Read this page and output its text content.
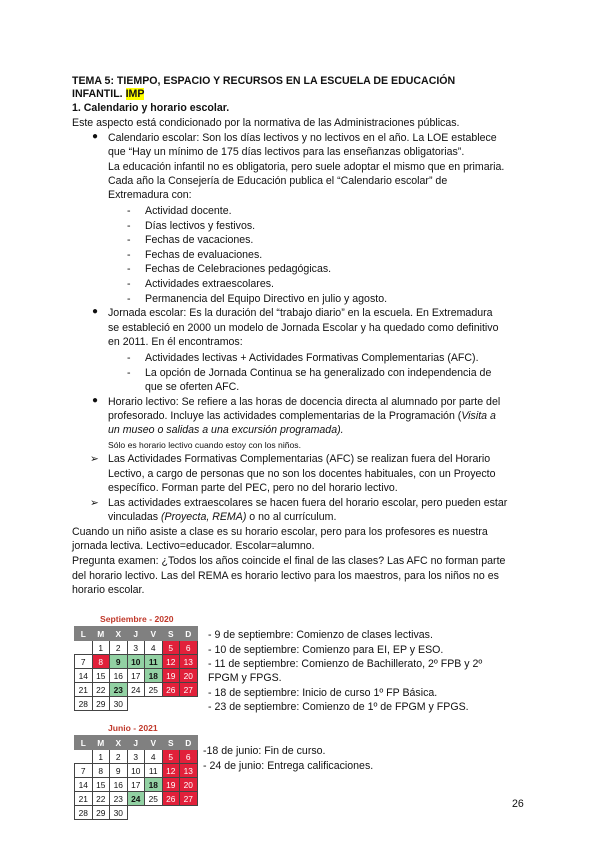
TEMA 5: TIEMPO, ESPACIO Y RECURSOS EN LA ESCUELA DE EDUCACIÓN
INFANTIL. IMP
1. Calendario y horario escolar.
Este aspecto está condicionado por la normativa de las Administraciones públicas.
● Calendario escolar: Son los días lectivos y no lectivos en el año. La LOE establece
que “Hay un mínimo de 175 días lectivos para las enseñanzas obligatorias”.
La educación infantil no es obligatoria, pero suele adoptar el mismo que en primaria.
Cada año la Consejería de Educación publica el “Calendario escolar” de
Extremadura con:
- Actividad docente.
- Días lectivos y festivos.
- Fechas de vacaciones.
- Fechas de evaluaciones.
- Fechas de Celebraciones pedagógicas.
- Actividades extraescolares.
- Permanencia del Equipo Directivo en julio y agosto.
● Jornada escolar: Es la duración del “trabajo diario” en la escuela. En Extremadura
se estableció en 2000 un modelo de Jornada Escolar y ha quedado como definitivo
en 2011. En él encontramos:
- Actividades lectivas + Actividades Formativas Complementarias (AFC).
- La opción de Jornada Continua se ha generalizado con independencia de
que se oferten AFC.
● Horario lectivo: Se refiere a las horas de docencia directa al alumnado por parte del
profesorado. Incluye las actividades complementarias de la Programación (Visita a
un museo o salidas a una excursión programada).
Sólo es horario lectivo cuando estoy con los niños.
➢ Las Actividades Formativas Complementarias (AFC) se realizan fuera del Horario
Lectivo, a cargo de personas que no son los docentes habituales, con un Proyecto
específico. Forman parte del PEC, pero no del horario lectivo.
➢ Las actividades extraescolares se hacen fuera del horario escolar, pero pueden estar
vinculadas (Proyecta, REMA) o no al currículum.
Cuando un niño asiste a clase es su horario escolar, pero para los profesores es nuestra
jornada lectiva. Lectivo=educador. Escolar=alumno.
Pregunta examen: ¿Todos los años coincide el final de las clases? Las AFC no forman parte
del horario lectivo. Las del REMA es horario lectivo para los maestros, para los niños no es
horario escolar.
Septiembre - 2020
L	M	X	J	V	S	D
	1	2	3	4	5	6
7	8	9	10	11	12	13
14	15	16	17	18	19	20
21	22	23	24	25	26	27
28	29	30				
- 9 de septiembre: Comienzo de clases lectivas.
- 10 de septiembre: Comienzo para EI, EP y ESO.
- 11 de septiembre: Comienzo de Bachillerato, 2º FPB y 2º
FPGM y FPGS.
- 18 de septiembre: Inicio de curso 1º FP Básica.
- 23 de septiembre: Comienzo de 1º de FPGM y FPGS.
Junio - 2021
L	M	X	J	V	S	D
	1	2	3	4	5	6
7	8	9	10	11	12	13
14	15	16	17	18	19	20
21	22	23	24	25	26	27
28	29	30				
-18 de junio: Fin de curso.
- 24 de junio: Entrega calificaciones.
26
